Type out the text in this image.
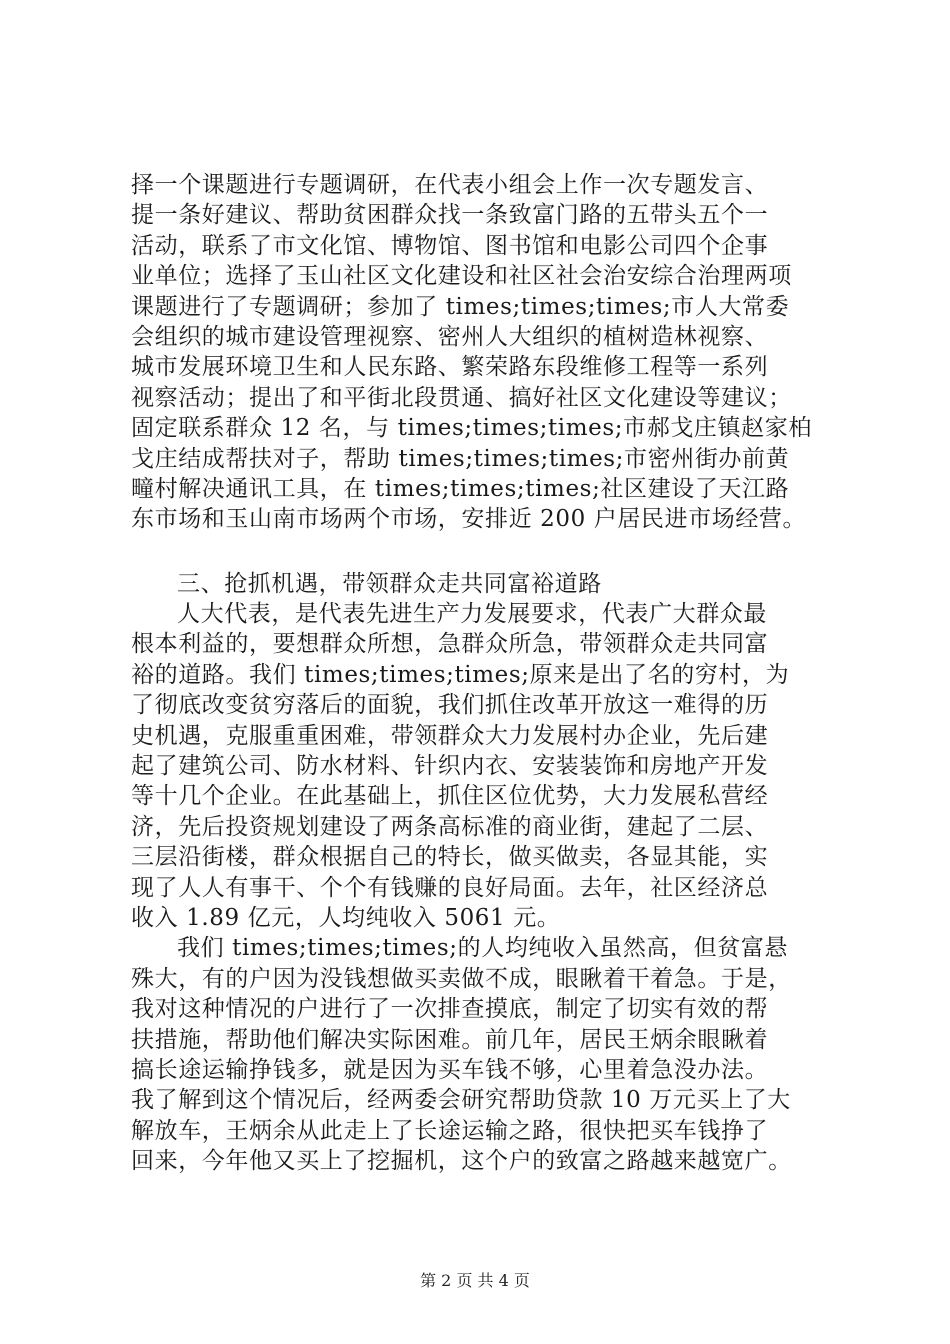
择一个课题进行专题调研，在代表小组会上作一次专题发言、
提一条好建议、帮助贫困群众找一条致富门路的五带头五个一
活动，联系了市文化馆、博物馆、图书馆和电影公司四个企事
业单位；选择了玉山社区文化建设和社区社会治安综合治理两项
课题进行了专题调研；参加了 times;times;times;市人大常委
会组织的城市建设管理视察、密州人大组织的植树造林视察、
城市发展环境卫生和人民东路、繁荣路东段维修工程等一系列
视察活动；提出了和平街北段贯通、搞好社区文化建设等建议；
固定联系群众 12 名，与 times;times;times;市郝戈庄镇赵家柏
戈庄结成帮扶对子，帮助 times;times;times;市密州街办前黄
疃村解决通讯工具，在 times;times;times;社区建设了天江路
东市场和玉山南市场两个市场，安排近 200 户居民进市场经营。
三、抢抓机遇，带领群众走共同富裕道路
人大代表，是代表先进生产力发展要求，代表广大群众最
根本利益的，要想群众所想，急群众所急，带领群众走共同富
裕的道路。我们 times;times;times;原来是出了名的穷村，为
了彻底改变贫穷落后的面貌，我们抓住改革开放这一难得的历
史机遇，克服重重困难，带领群众大力发展村办企业，先后建
起了建筑公司、防水材料、针织内衣、安装装饰和房地产开发
等十几个企业。在此基础上，抓住区位优势，大力发展私营经
济，先后投资规划建设了两条高标准的商业街，建起了二层、
三层沿街楼，群众根据自己的特长，做买做卖，各显其能，实
现了人人有事干、个个有钱赚的良好局面。去年，社区经济总
收入 1.89 亿元，人均纯收入 5061 元。
我们 times;times;times;的人均纯收入虽然高，但贫富悬
殊大，有的户因为没钱想做买卖做不成，眼瞅着干着急。于是，
我对这种情况的户进行了一次排查摸底，制定了切实有效的帮
扶措施，帮助他们解决实际困难。前几年，居民王炳余眼瞅着
搞长途运输挣钱多，就是因为买车钱不够，心里着急没办法。
我了解到这个情况后，经两委会研究帮助贷款 10 万元买上了大
解放车，王炳余从此走上了长途运输之路，很快把买车钱挣了
回来，今年他又买上了挖掘机，这个户的致富之路越来越宽广。
第 2 页 共 4 页
